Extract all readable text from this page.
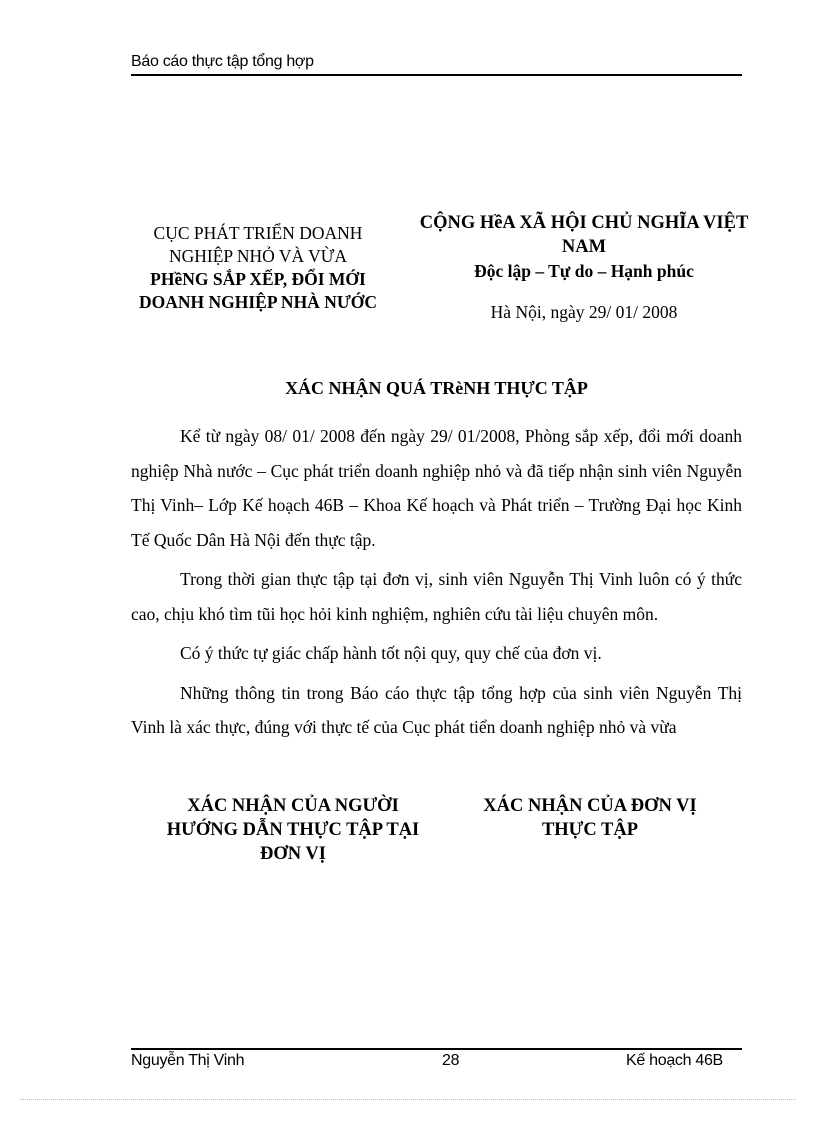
Báo cáo thực tập tổng hợp
CỤC PHÁT TRIỂN DOANH
NGHIỆP NHỎ VÀ VỪA
PHềNG SẮP XẾP, ĐỔI MỚI
DOANH NGHIỆP NHÀ NƯỚC
CỘNG HềA XÃ HỘI CHỦ NGHĨA VIỆT
NAM
Độc lập – Tự do – Hạnh phúc
Hà Nội, ngày 29/ 01/ 2008
XÁC NHẬN QUÁ TRèNH THỰC TẬP

Kể từ ngày 08/ 01/ 2008 đến ngày 29/ 01/2008, Phòng sắp xếp, đổi mới doanh nghiệp Nhà nước – Cục phát triển doanh nghiệp nhỏ và đã tiếp nhận sinh viên Nguyễn Thị Vinh– Lớp Kế hoạch 46B – Khoa Kế hoạch và Phát triển – Trường Đại học Kinh Tế Quốc Dân Hà Nội đến thực tập.

Trong thời gian thực tập tại đơn vị, sinh viên Nguyễn Thị Vinh luôn có ý thức cao, chịu khó tìm tũi học hỏi kinh nghiệm, nghiên cứu tài liệu chuyên môn.

Có ý thức tự giác chấp hành tốt nội quy, quy chế của đơn vị.

Những thông tin trong Báo cáo thực tập tổng hợp của sinh viên Nguyễn Thị Vinh là xác thực, đúng với thực tế của Cục phát tiển doanh nghiệp nhỏ và vừa

XÁC NHẬN CỦA NGƯỜI
HƯỚNG DẪN THỰC TẬP TẠI
ĐƠN VỊ
XÁC NHẬN CỦA ĐƠN VỊ
THỰC TẬP
Nguyễn Thị Vinh	28	Kế hoạch 46B
